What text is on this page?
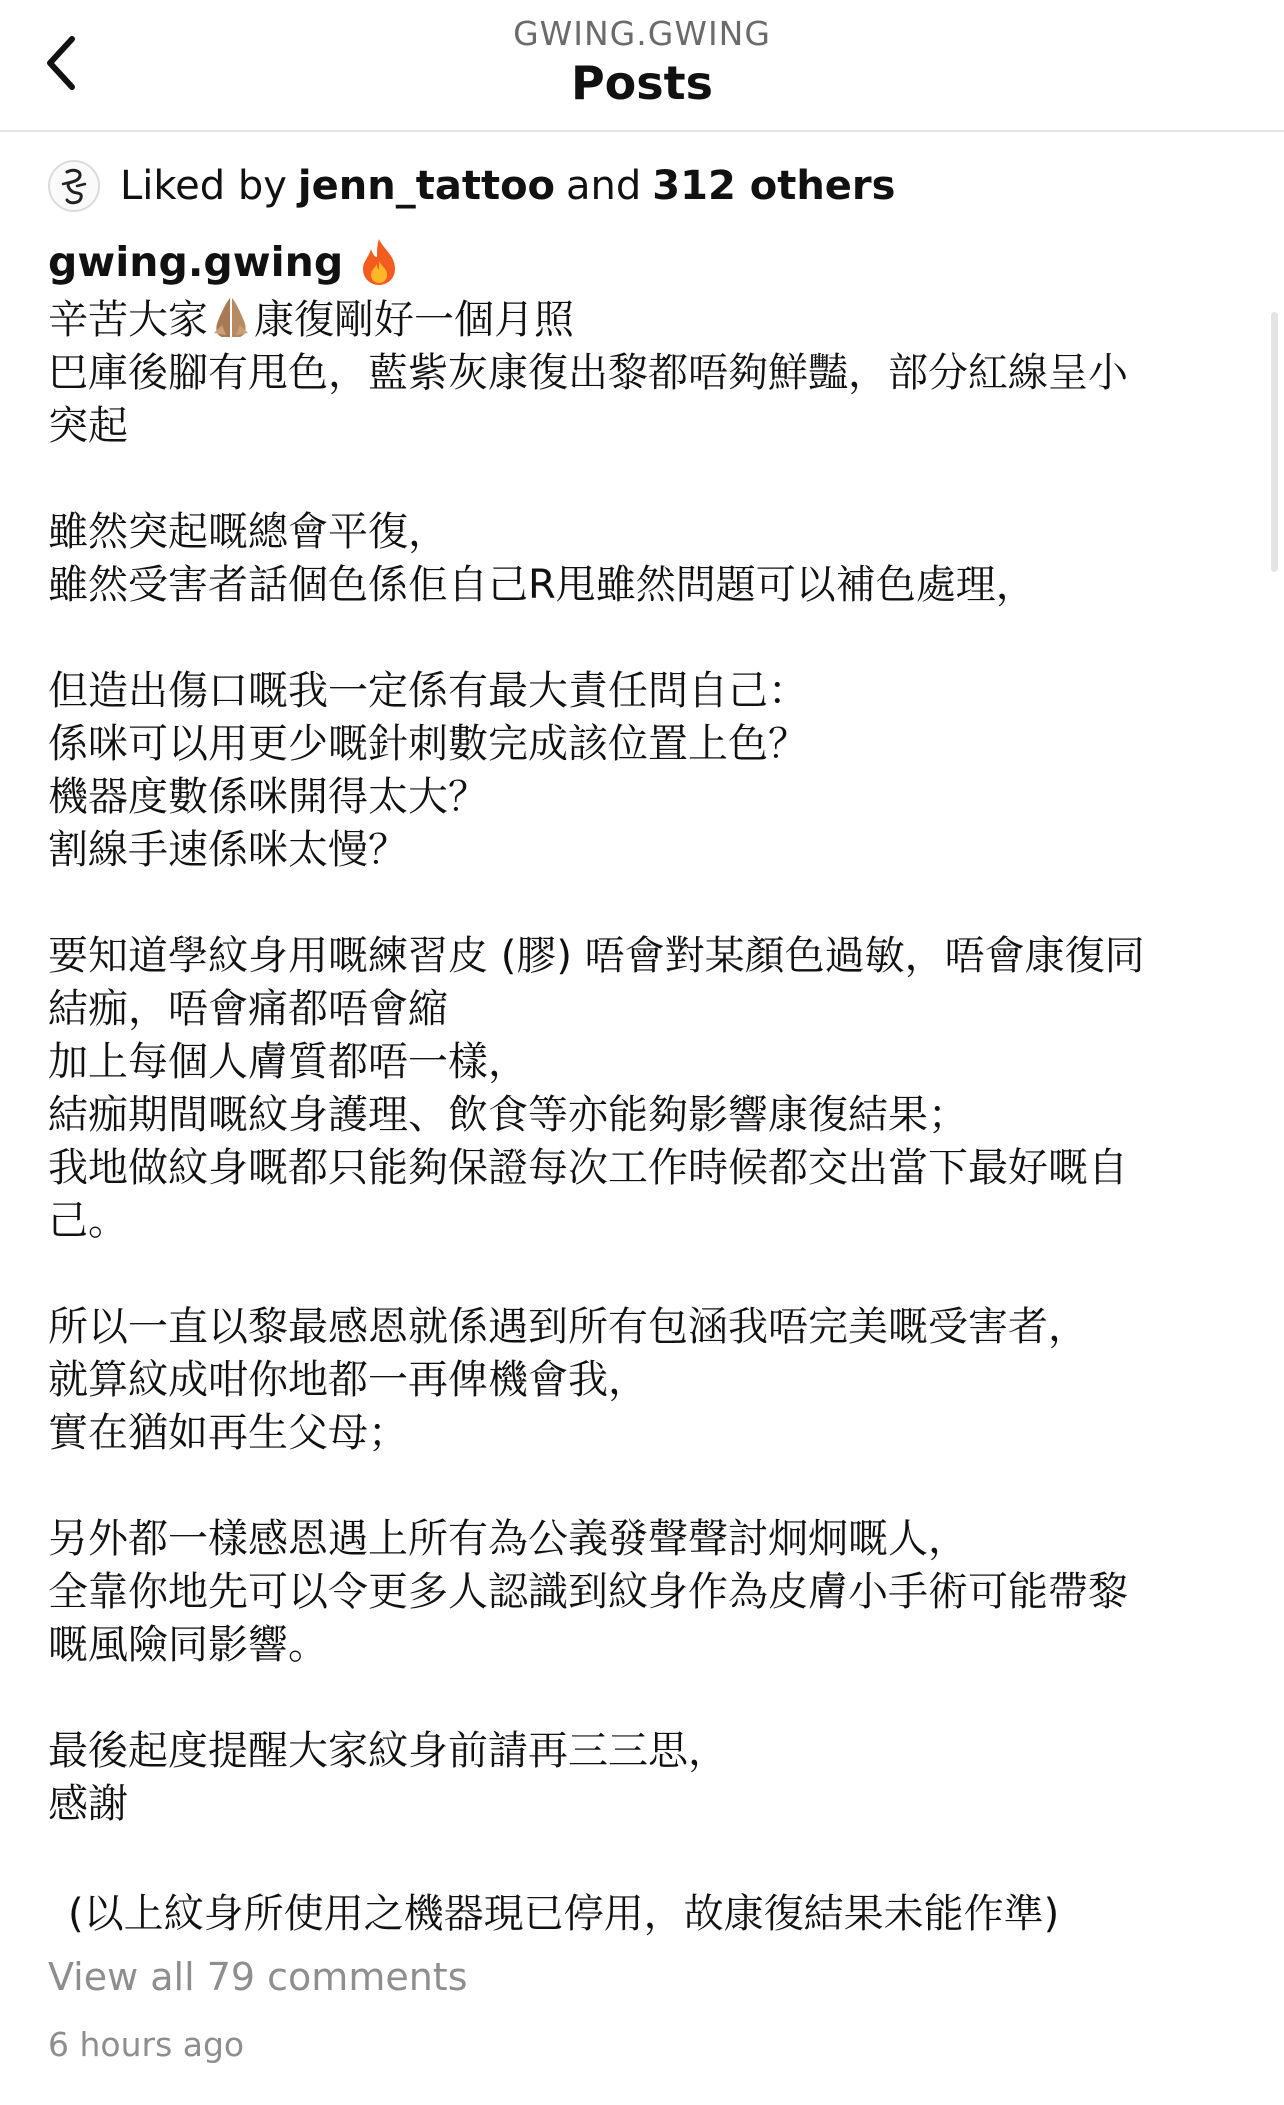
GWING.GWING
Posts
Liked by jenn_tattoo and 312 others
gwing.gwing
辛苦大家 康復剛好一個月照
巴庫後腳有甩色，藍紫灰康復出黎都唔夠鮮豔，部分紅線呈小
突起
雖然突起嘅總會平復，
雖然受害者話個色係佢自己R甩雖然問題可以補色處理，
但造出傷口嘅我一定係有最大責任問自己：
係咪可以用更少嘅針刺數完成該位置上色？
機器度數係咪開得太大？
割線手速係咪太慢？
要知道學紋身用嘅練習皮 (膠) 唔會對某顏色過敏，唔會康復同
結痂，唔會痛都唔會縮
加上每個人膚質都唔一樣，
結痂期間嘅紋身護理、飲食等亦能夠影響康復結果；
我地做紋身嘅都只能夠保證每次工作時候都交出當下最好嘅自
己。
所以一直以黎最感恩就係遇到所有包涵我唔完美嘅受害者，
就算紋成咁你地都一再俾機會我，
實在猶如再生父母；
另外都一樣感恩遇上所有為公義發聲聲討炯炯嘅人，
全靠你地先可以令更多人認識到紋身作為皮膚小手術可能帶黎
嘅風險同影響。
最後起度提醒大家紋身前請再三三思，
感謝
(以上紋身所使用之機器現已停用，故康復結果未能作準)
View all 79 comments
6 hours ago
